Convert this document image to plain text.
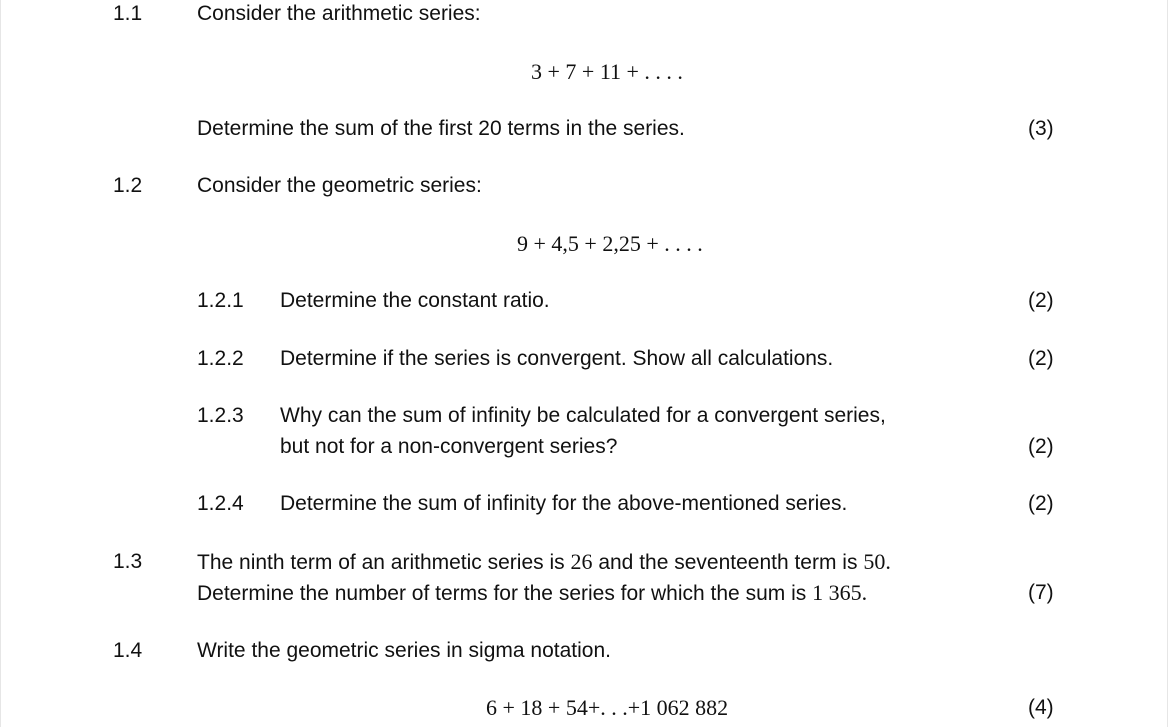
1.1	Consider the arithmetic series:
3 + 7 + 11 + . . . .
Determine the sum of the first 20 terms in the series.	(3)
1.2	Consider the geometric series:
9 + 4,5 + 2,25 + . . . .
1.2.1 Determine the constant ratio.	(2)
1.2.2 Determine if the series is convergent. Show all calculations.	(2)
1.2.3 Why can the sum of infinity be calculated for a convergent series,
but not for a non-convergent series?	(2)
1.2.4 Determine the sum of infinity for the above-mentioned series.	(2)
1.3	The ninth term of an arithmetic series is 26 and the seventeenth term is 50.
Determine the number of terms for the series for which the sum is 1 365.	(7)
1.4	Write the geometric series in sigma notation.
6 + 18 + 54+. . .+1 062 882	(4)
